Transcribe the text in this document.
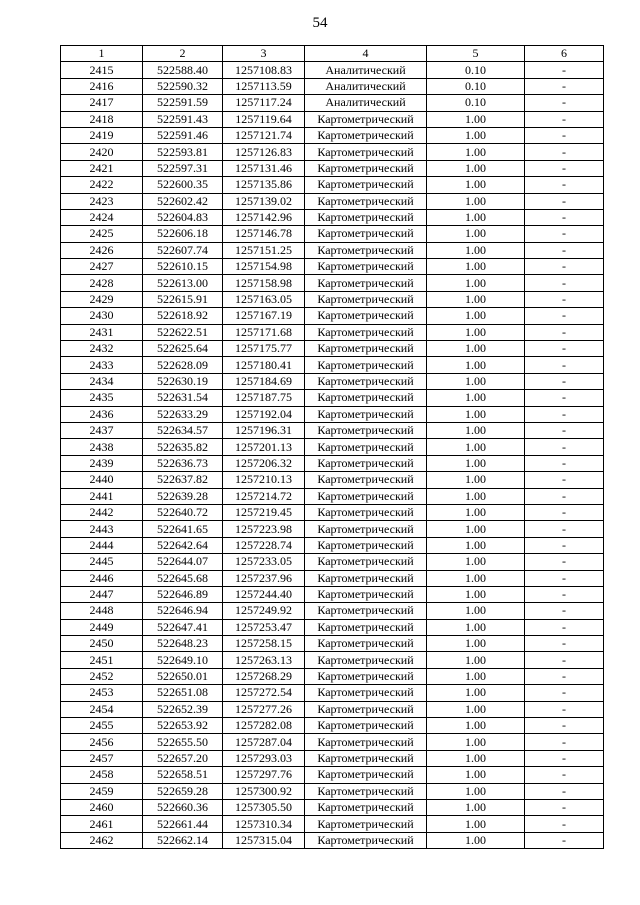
54
1	2	3	4	5	6
2415	522588.40	1257108.83	Аналитический	0.10	-
2416	522590.32	1257113.59	Аналитический	0.10	-
2417	522591.59	1257117.24	Аналитический	0.10	-
2418	522591.43	1257119.64	Картометрический	1.00	-
2419	522591.46	1257121.74	Картометрический	1.00	-
2420	522593.81	1257126.83	Картометрический	1.00	-
2421	522597.31	1257131.46	Картометрический	1.00	-
2422	522600.35	1257135.86	Картометрический	1.00	-
2423	522602.42	1257139.02	Картометрический	1.00	-
2424	522604.83	1257142.96	Картометрический	1.00	-
2425	522606.18	1257146.78	Картометрический	1.00	-
2426	522607.74	1257151.25	Картометрический	1.00	-
2427	522610.15	1257154.98	Картометрический	1.00	-
2428	522613.00	1257158.98	Картометрический	1.00	-
2429	522615.91	1257163.05	Картометрический	1.00	-
2430	522618.92	1257167.19	Картометрический	1.00	-
2431	522622.51	1257171.68	Картометрический	1.00	-
2432	522625.64	1257175.77	Картометрический	1.00	-
2433	522628.09	1257180.41	Картометрический	1.00	-
2434	522630.19	1257184.69	Картометрический	1.00	-
2435	522631.54	1257187.75	Картометрический	1.00	-
2436	522633.29	1257192.04	Картометрический	1.00	-
2437	522634.57	1257196.31	Картометрический	1.00	-
2438	522635.82	1257201.13	Картометрический	1.00	-
2439	522636.73	1257206.32	Картометрический	1.00	-
2440	522637.82	1257210.13	Картометрический	1.00	-
2441	522639.28	1257214.72	Картометрический	1.00	-
2442	522640.72	1257219.45	Картометрический	1.00	-
2443	522641.65	1257223.98	Картометрический	1.00	-
2444	522642.64	1257228.74	Картометрический	1.00	-
2445	522644.07	1257233.05	Картометрический	1.00	-
2446	522645.68	1257237.96	Картометрический	1.00	-
2447	522646.89	1257244.40	Картометрический	1.00	-
2448	522646.94	1257249.92	Картометрический	1.00	-
2449	522647.41	1257253.47	Картометрический	1.00	-
2450	522648.23	1257258.15	Картометрический	1.00	-
2451	522649.10	1257263.13	Картометрический	1.00	-
2452	522650.01	1257268.29	Картометрический	1.00	-
2453	522651.08	1257272.54	Картометрический	1.00	-
2454	522652.39	1257277.26	Картометрический	1.00	-
2455	522653.92	1257282.08	Картометрический	1.00	-
2456	522655.50	1257287.04	Картометрический	1.00	-
2457	522657.20	1257293.03	Картометрический	1.00	-
2458	522658.51	1257297.76	Картометрический	1.00	-
2459	522659.28	1257300.92	Картометрический	1.00	-
2460	522660.36	1257305.50	Картометрический	1.00	-
2461	522661.44	1257310.34	Картометрический	1.00	-
2462	522662.14	1257315.04	Картометрический	1.00	-
